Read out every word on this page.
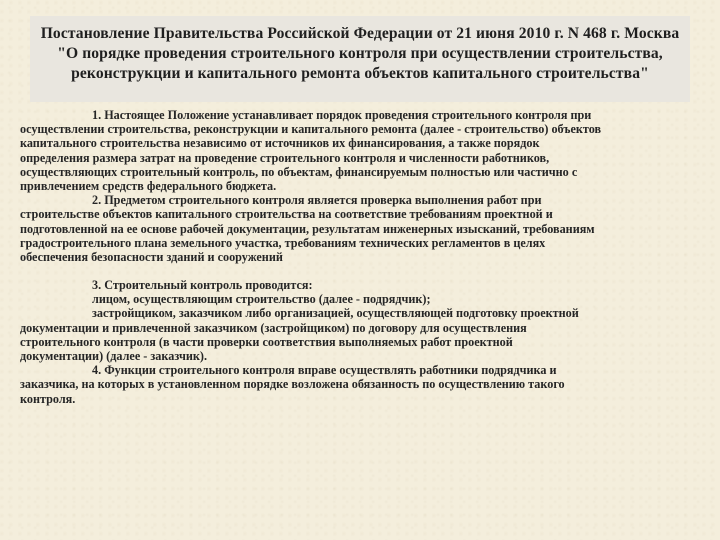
Постановление Правительства Российской Федерации от 21 июня 2010 г. N 468 г. Москва
"О порядке проведения строительного контроля при осуществлении строительства,
реконструкции и капитального ремонта объектов капитального строительства"
1. Настоящее Положение устанавливает порядок проведения строительного контроля при
осуществлении строительства, реконструкции и капитального ремонта (далее - строительство) объектов
капитального строительства независимо от источников их финансирования, а также порядок
определения размера затрат на проведение строительного контроля и численности работников,
осуществляющих строительный контроль, по объектам, финансируемым полностью или частично с
привлечением средств федерального бюджета.
2. Предметом строительного контроля является проверка выполнения работ при
строительстве объектов капитального строительства на соответствие требованиям проектной и
подготовленной на ее основе рабочей документации, результатам инженерных изысканий, требованиям
градостроительного плана земельного участка, требованиям технических регламентов в целях
обеспечения безопасности зданий и сооружений
3. Строительный контроль проводится:
лицом, осуществляющим строительство (далее - подрядчик);
застройщиком, заказчиком либо организацией, осуществляющей подготовку проектной
документации и привлеченной заказчиком (застройщиком) по договору для осуществления
строительного контроля (в части проверки соответствия выполняемых работ проектной
документации) (далее - заказчик).
4. Функции строительного контроля вправе осуществлять работники подрядчика и
заказчика, на которых в установленном порядке возложена обязанность по осуществлению такого
контроля.
